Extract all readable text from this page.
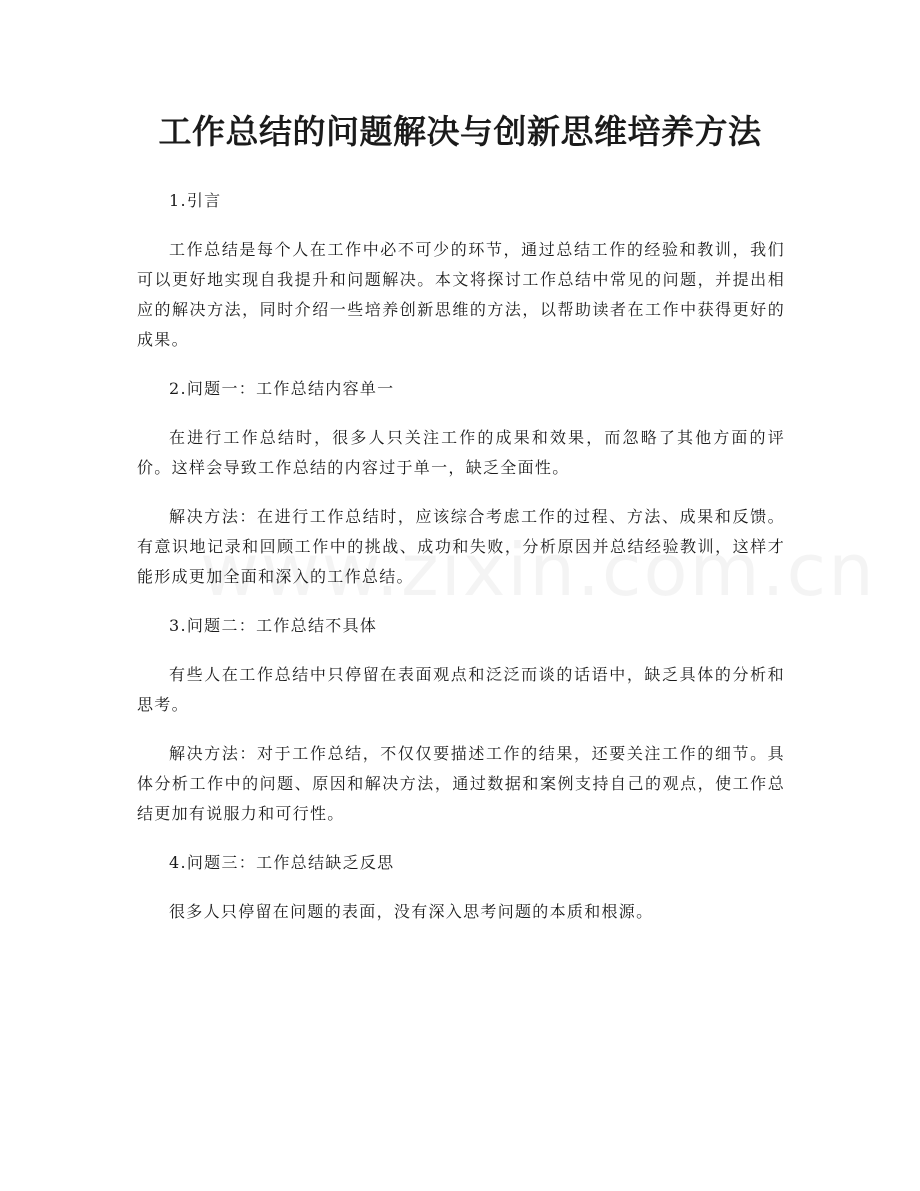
工作总结的问题解决与创新思维培养方法

1.引言

工作总结是每个人在工作中必不可少的环节，通过总结工作的经验和教训，我们可以更好地实现自我提升和问题解决。本文将探讨工作总结中常见的问题，并提出相应的解决方法，同时介绍一些培养创新思维的方法，以帮助读者在工作中获得更好的成果。

2.问题一：工作总结内容单一

在进行工作总结时，很多人只关注工作的成果和效果，而忽略了其他方面的评价。这样会导致工作总结的内容过于单一，缺乏全面性。

解决方法：在进行工作总结时，应该综合考虑工作的过程、方法、成果和反馈。有意识地记录和回顾工作中的挑战、成功和失败，分析原因并总结经验教训，这样才能形成更加全面和深入的工作总结。

3.问题二：工作总结不具体

有些人在工作总结中只停留在表面观点和泛泛而谈的话语中，缺乏具体的分析和思考。

解决方法：对于工作总结，不仅仅要描述工作的结果，还要关注工作的细节。具体分析工作中的问题、原因和解决方法，通过数据和案例支持自己的观点，使工作总结更加有说服力和可行性。

4.问题三：工作总结缺乏反思

很多人只停留在问题的表面，没有深入思考问题的本质和根源。
